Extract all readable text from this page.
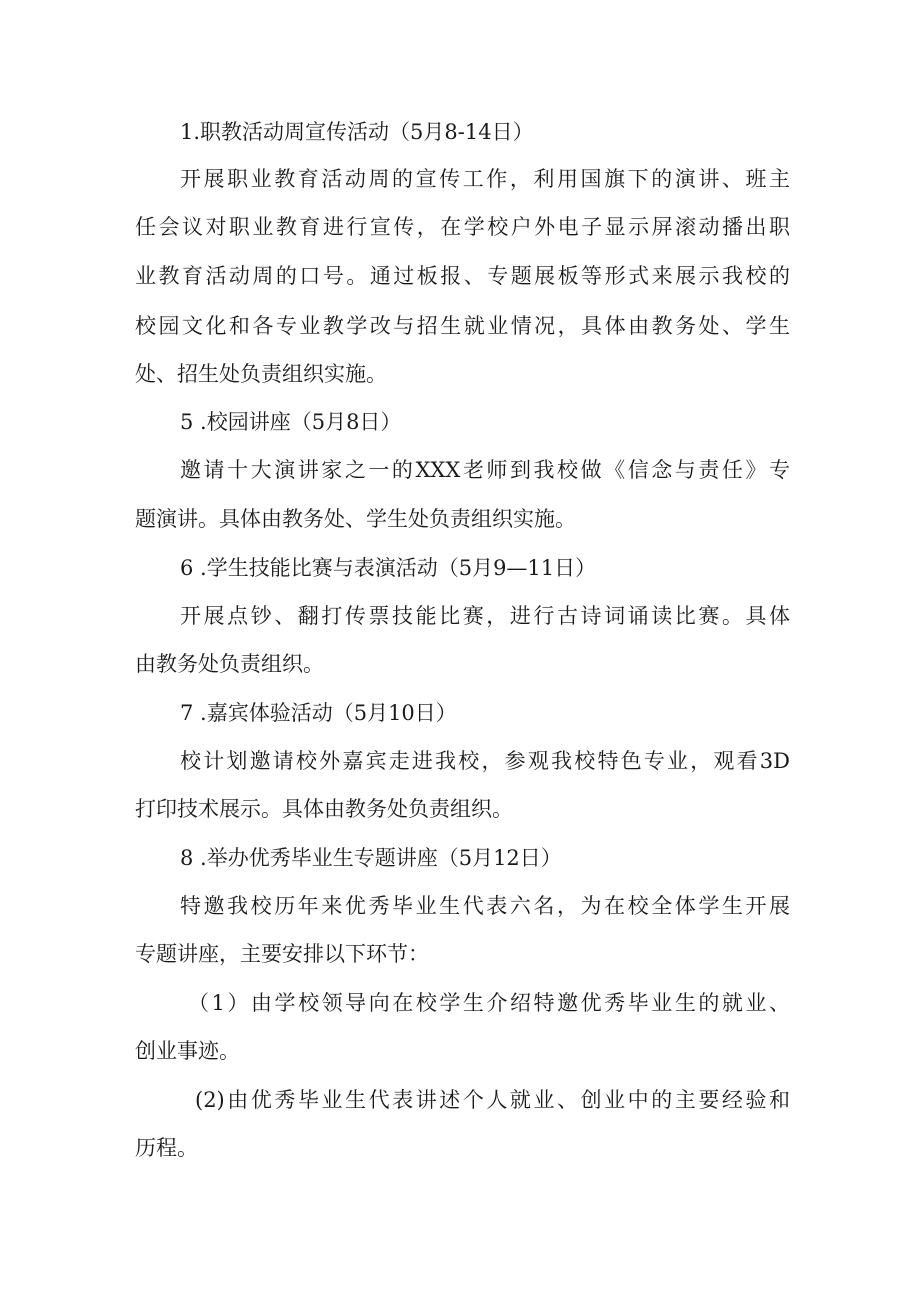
1.职教活动周宣传活动（5月8-14日）
开展职业教育活动周的宣传工作，利用国旗下的演讲、班主
任会议对职业教育进行宣传，在学校户外电子显示屏滚动播出职
业教育活动周的口号。通过板报、专题展板等形式来展示我校的
校园文化和各专业教学改与招生就业情况，具体由教务处、学生
处、招生处负责组织实施。
5 .校园讲座（5月8日）
邀请十大演讲家之一的XXX老师到我校做《信念与责任》专
题演讲。具体由教务处、学生处负责组织实施。
6 .学生技能比赛与表演活动（5月9—11日）
开展点钞、翻打传票技能比赛，进行古诗词诵读比赛。具体
由教务处负责组织。
7 .嘉宾体验活动（5月10日）
校计划邀请校外嘉宾走进我校，参观我校特色专业，观看3D
打印技术展示。具体由教务处负责组织。
8 .举办优秀毕业生专题讲座（5月12日）
特邀我校历年来优秀毕业生代表六名，为在校全体学生开展
专题讲座，主要安排以下环节：
（1）由学校领导向在校学生介绍特邀优秀毕业生的就业、
创业事迹。
(2)由优秀毕业生代表讲述个人就业、创业中的主要经验和
历程。
